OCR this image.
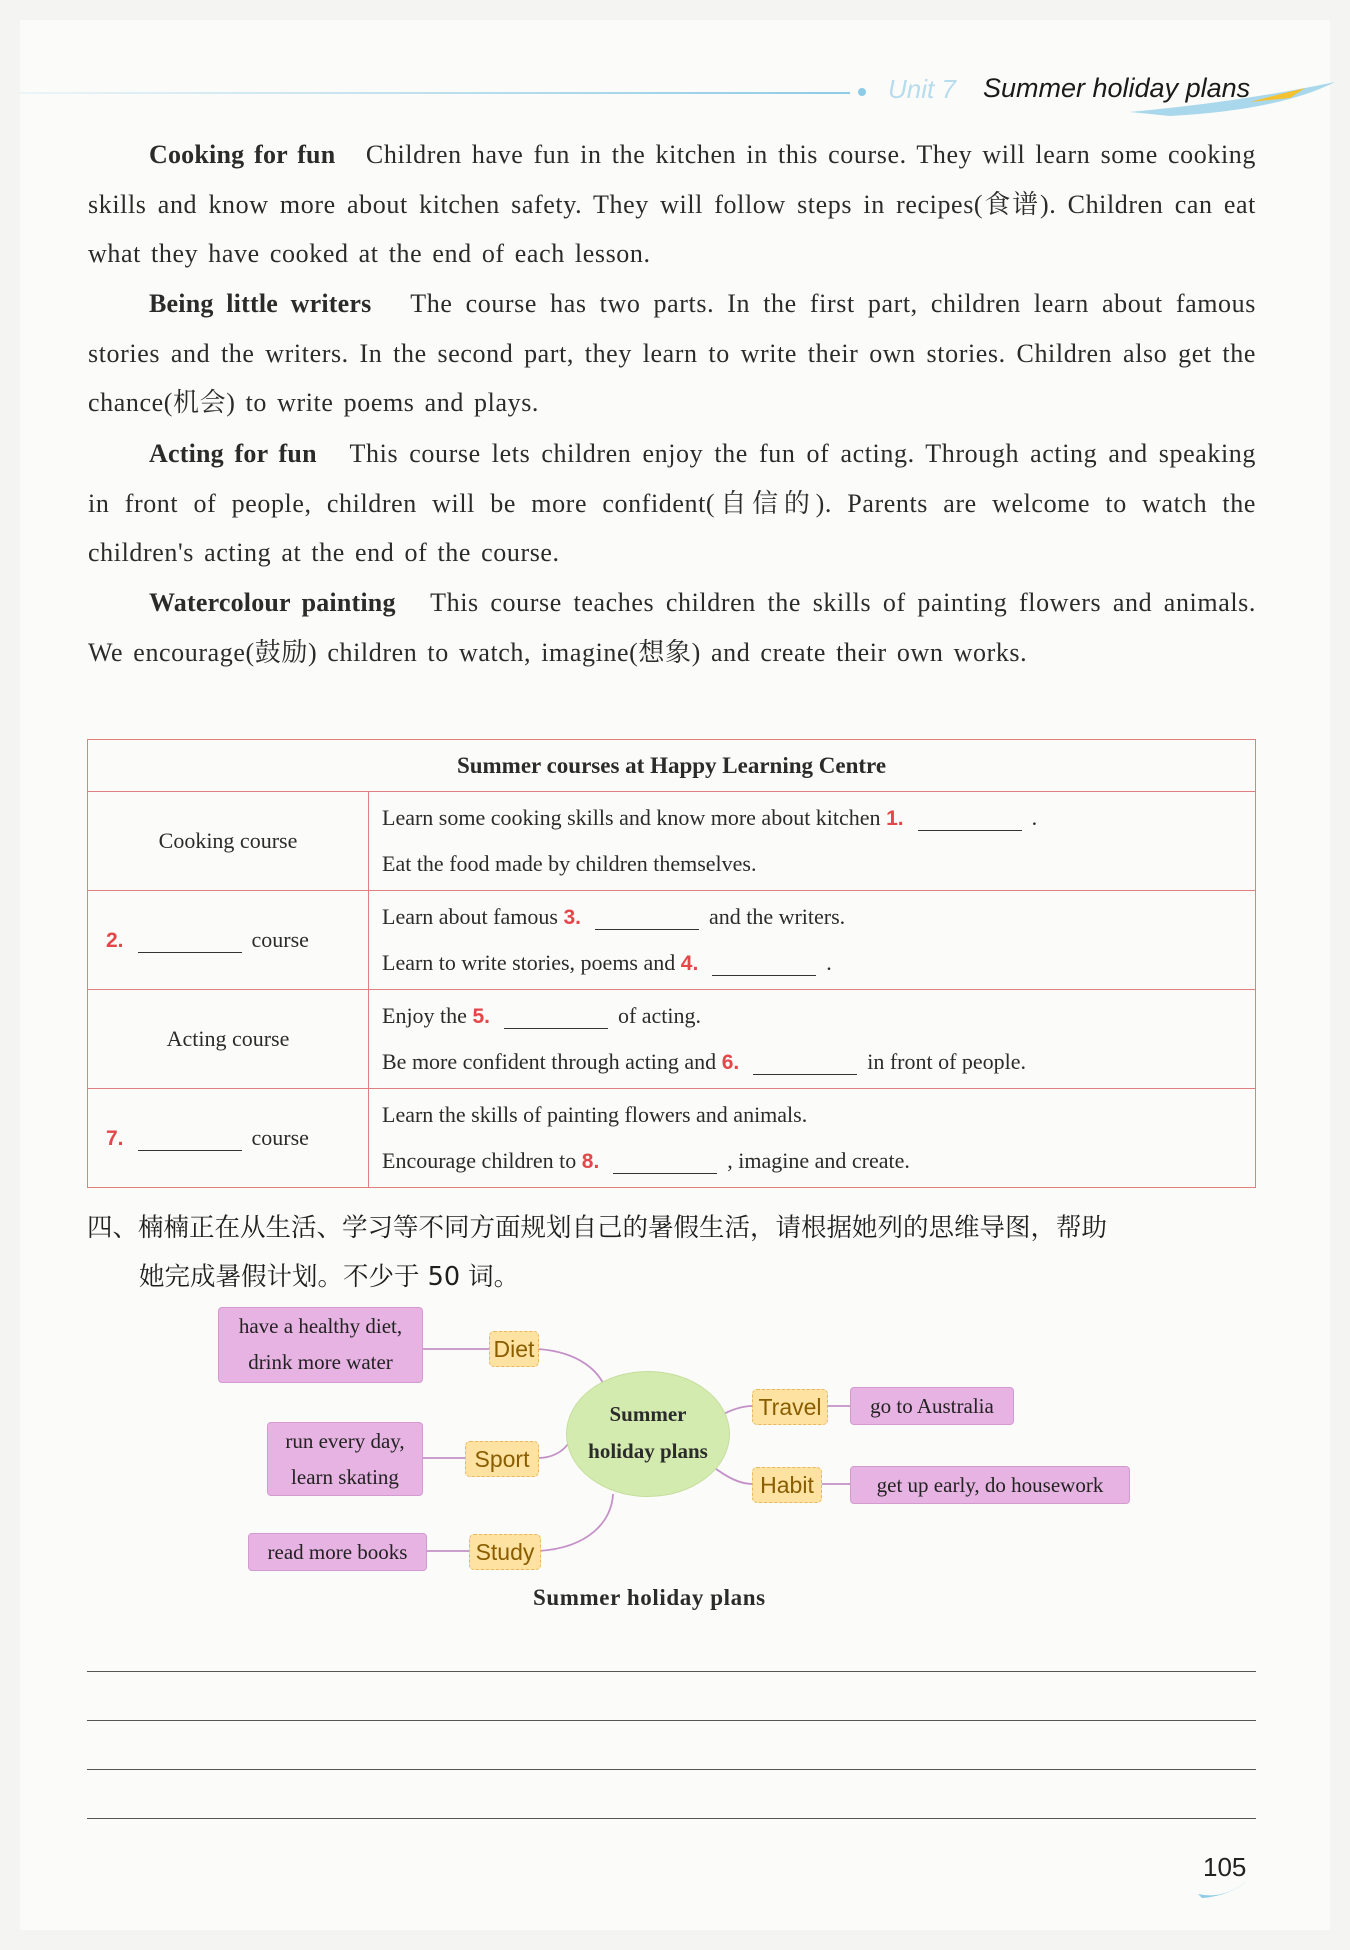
Unit 7 Summer holiday plans
Cooking for fun Children have fun in the kitchen in this course. They will learn some cooking skills and know more about kitchen safety. They will follow steps in recipes(食谱). Children can eat what they have cooked at the end of each lesson.
Being little writers The course has two parts. In the first part, children learn about famous stories and the writers. In the second part, they learn to write their own stories. Children also get the chance(机会) to write poems and plays.
Acting for fun This course lets children enjoy the fun of acting. Through acting and speaking in front of people, children will be more confident(自信的). Parents are welcome to watch the children's acting at the end of the course.
Watercolour painting This course teaches children the skills of painting flowers and animals. We encourage(鼓励) children to watch, imagine(想象) and create their own works.
Summer courses at Happy Learning Centre	
Cooking course	Learn some cooking skills and know more about kitchen 1. .
Eat the food made by children themselves.

2. course	Learn about famous 3. and the writers.
Learn to write stories, poems and 4. .

Acting course	Enjoy the 5. of acting.
Be more confident through acting and 6. in front of people.

7. course	Learn the skills of painting flowers and animals.
Encourage children to 8. , imagine and create.
四、楠楠正在从生活、学习等不同方面规划自己的暑假生活，请根据她列的思维导图，帮助
她完成暑假计划。不少于 50 词。
have a healthy diet,
drink more water	Diet
run every day,
learn skating
Sport
read more books	Study
Summer
holiday plans
Travel	go to Australia
Habit	get up early, do housework
Summer holiday plans
105
